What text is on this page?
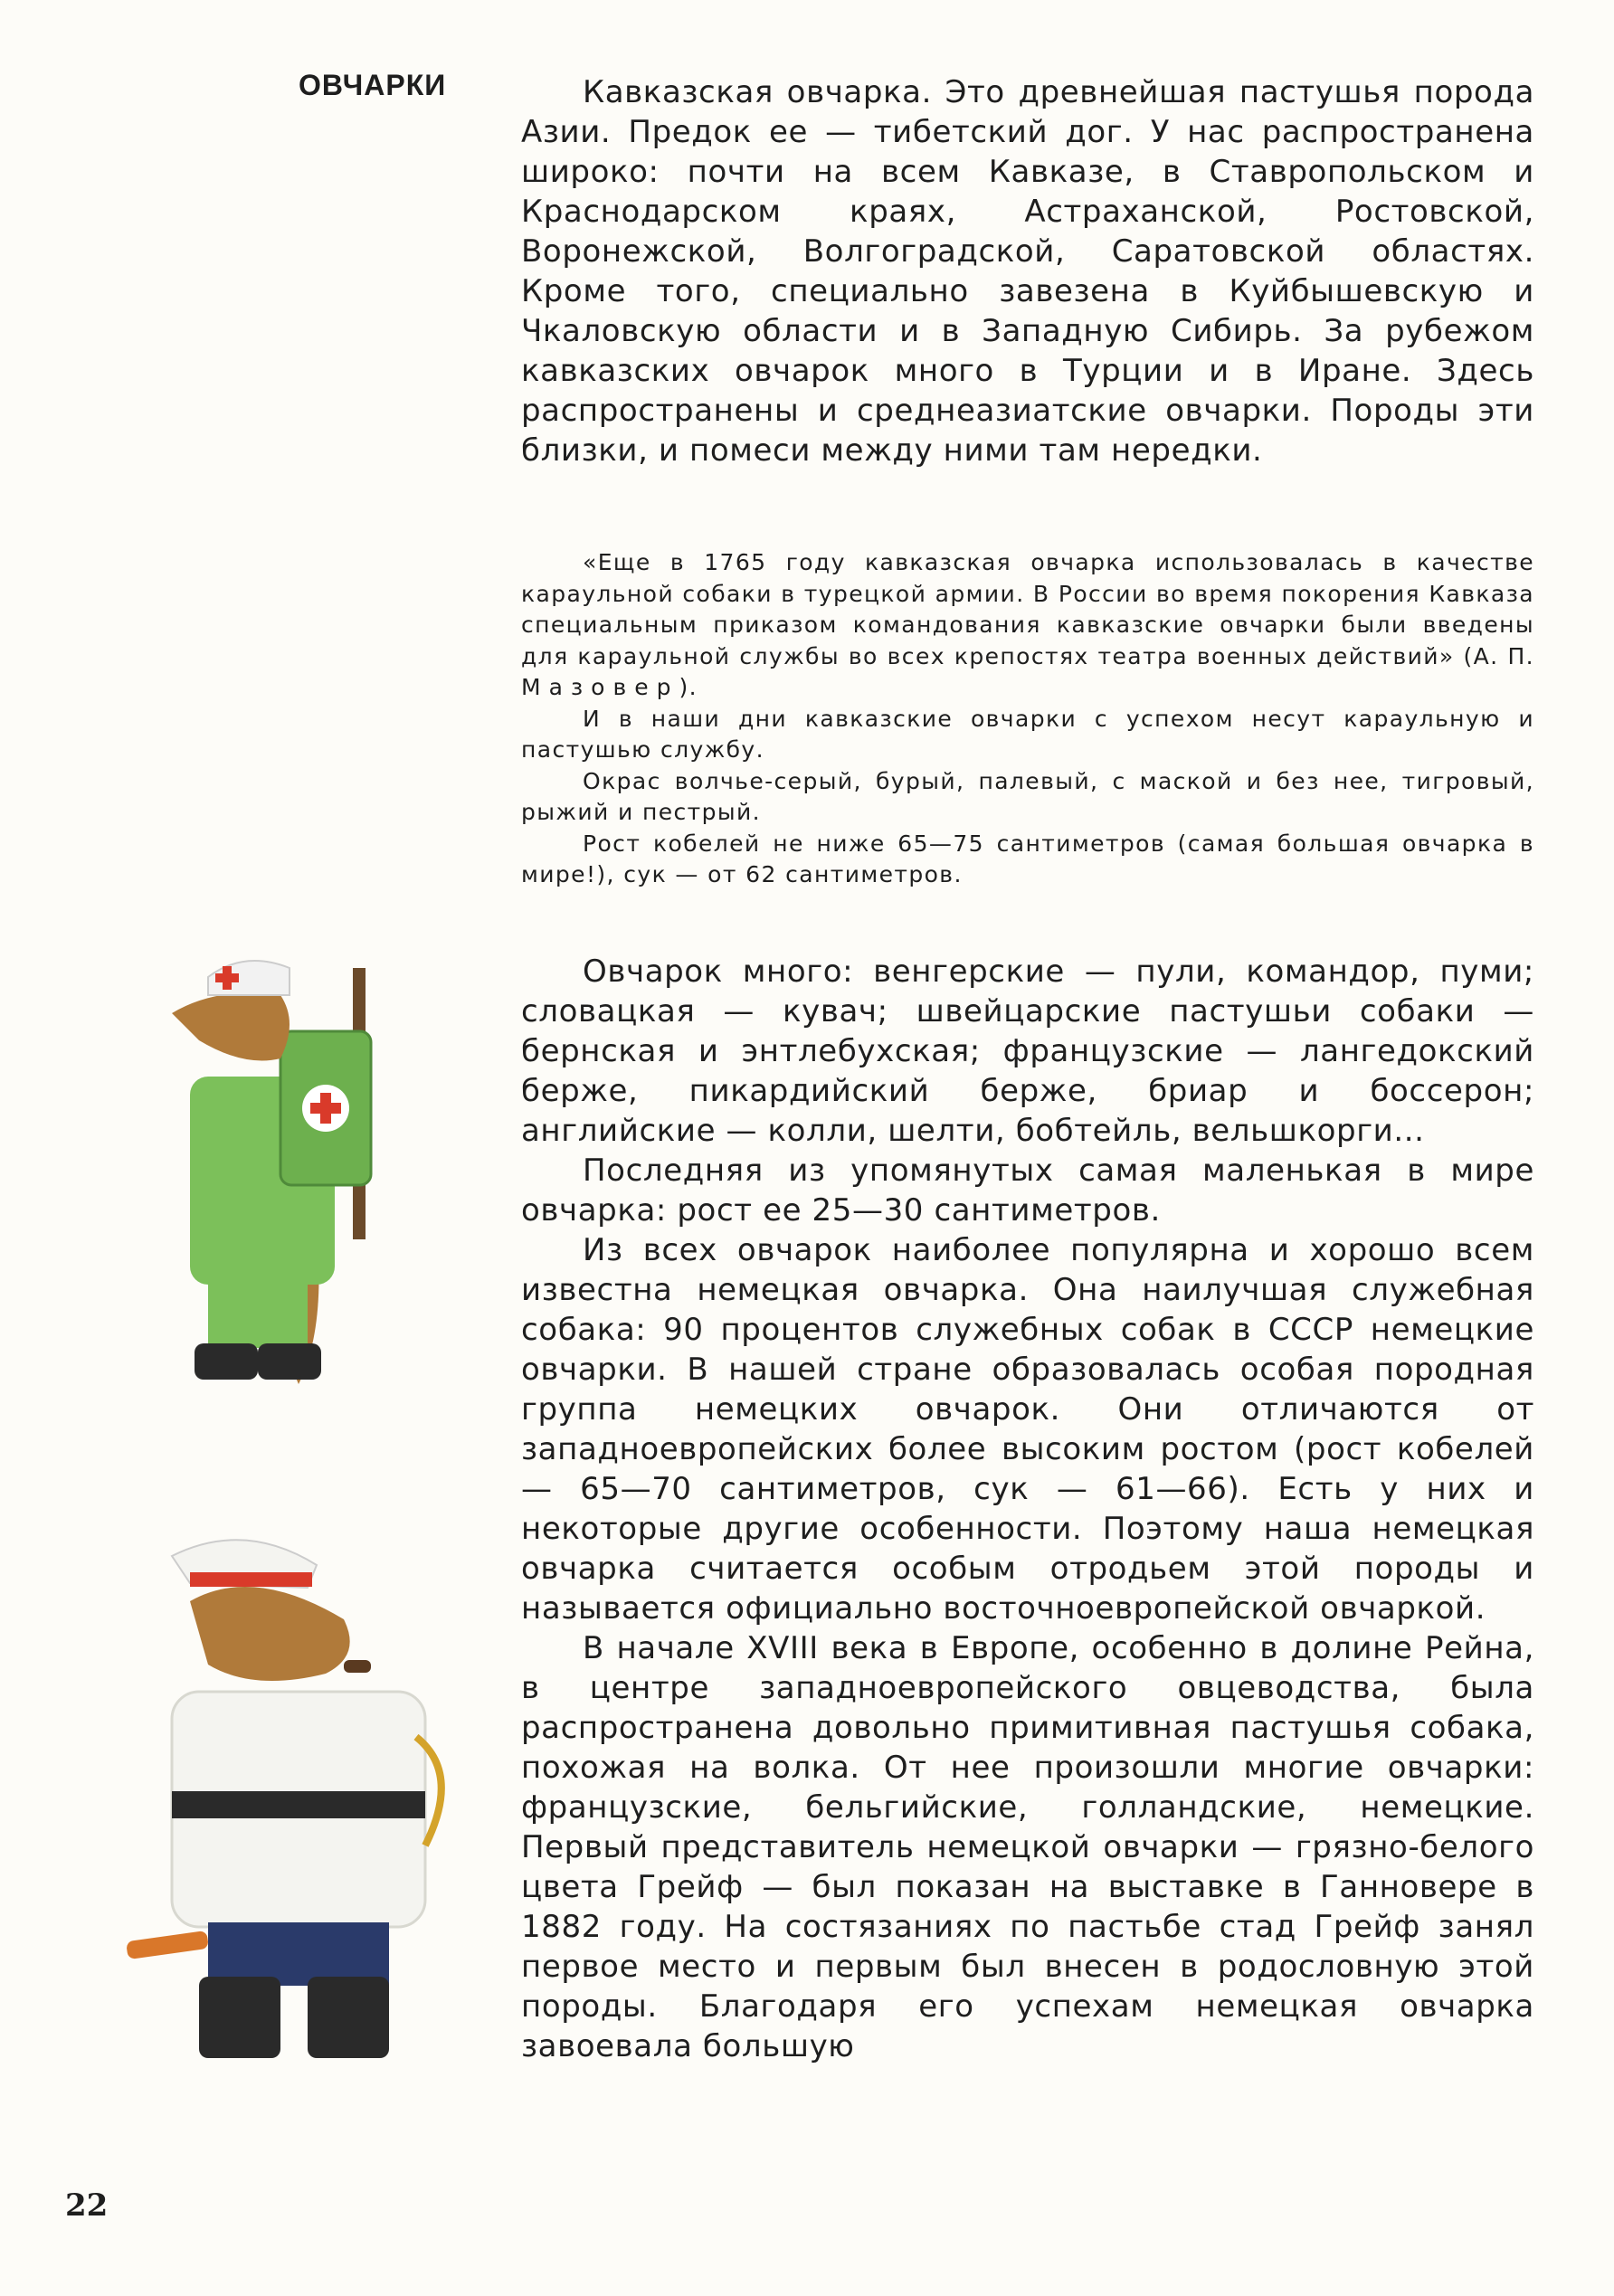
ОВЧАРКИ	Кавказская овчарка. Это древнейшая пастушья порода Азии. Предок ее — тибетский дог. У нас распространена широко: почти на всем Кавказе, в Ставропольском и Краснодарском краях, Астраханской, Ростовской, Воронежской, Волгоградской, Саратовской областях. Кроме того, специально завезена в Куйбышевскую и Чкаловскую области и в Западную Сибирь. За рубежом кавказских овчарок много в Турции и в Иране. Здесь распространены и среднеазиатские овчарки. Породы эти близки, и помеси между ними там нередки.

«Еще в 1765 году кавказская овчарка использовалась в качестве караульной собаки в турецкой армии. В России во время покорения Кавказа специальным приказом командования кавказские овчарки были введены для караульной службы во всех крепостях театра военных действий» (А. П. Мазовер).

И в наши дни кавказские овчарки с успехом несут караульную и пастушью службу.

Окрас волчье-серый, бурый, палевый, с маской и без нее, тигровый, рыжий и пестрый.

Рост кобелей не ниже 65—75 сантиметров (самая большая овчарка в мире!), сук — от 62 сантиметров.

Овчарок много: венгерские — пули, командор, пуми; словацкая — кувач; швейцарские пастушьи собаки — бернская и энтлебухская; французские — лангедокский берже, пикардийский берже, бриар и боссерон; английские — колли, шелти, бобтейль, вельшкорги...

Последняя из упомянутых самая маленькая в мире овчарка: рост ее 25—30 сантиметров.

Из всех овчарок наиболее популярна и хорошо всем известна немецкая овчарка. Она наилучшая служебная собака: 90 процентов служебных собак в СССР немецкие овчарки. В нашей стране образовалась особая породная группа немецких овчарок. Они отличаются от западноевропейских более высоким ростом (рост кобелей — 65—70 сантиметров, сук — 61—66). Есть у них и некоторые другие особенности. Поэтому наша немецкая овчарка считается особым отродьем этой породы и называется официально восточноевропейской овчаркой.

В начале XVIII века в Европе, особенно в долине Рейна, в центре западноевропейского овцеводства, была распространена довольно примитивная пастушья собака, похожая на волка. От нее произошли многие овчарки: французские, бельгийские, голландские, немецкие. Первый представитель немецкой овчарки — грязно-белого цвета Грейф — был показан на выставке в Ганновере в 1882 году. На состязаниях по пастьбе стад Грейф занял первое место и первым был внесен в родословную этой породы. Благодаря его успехам немецкая овчарка завоевала большую

22
